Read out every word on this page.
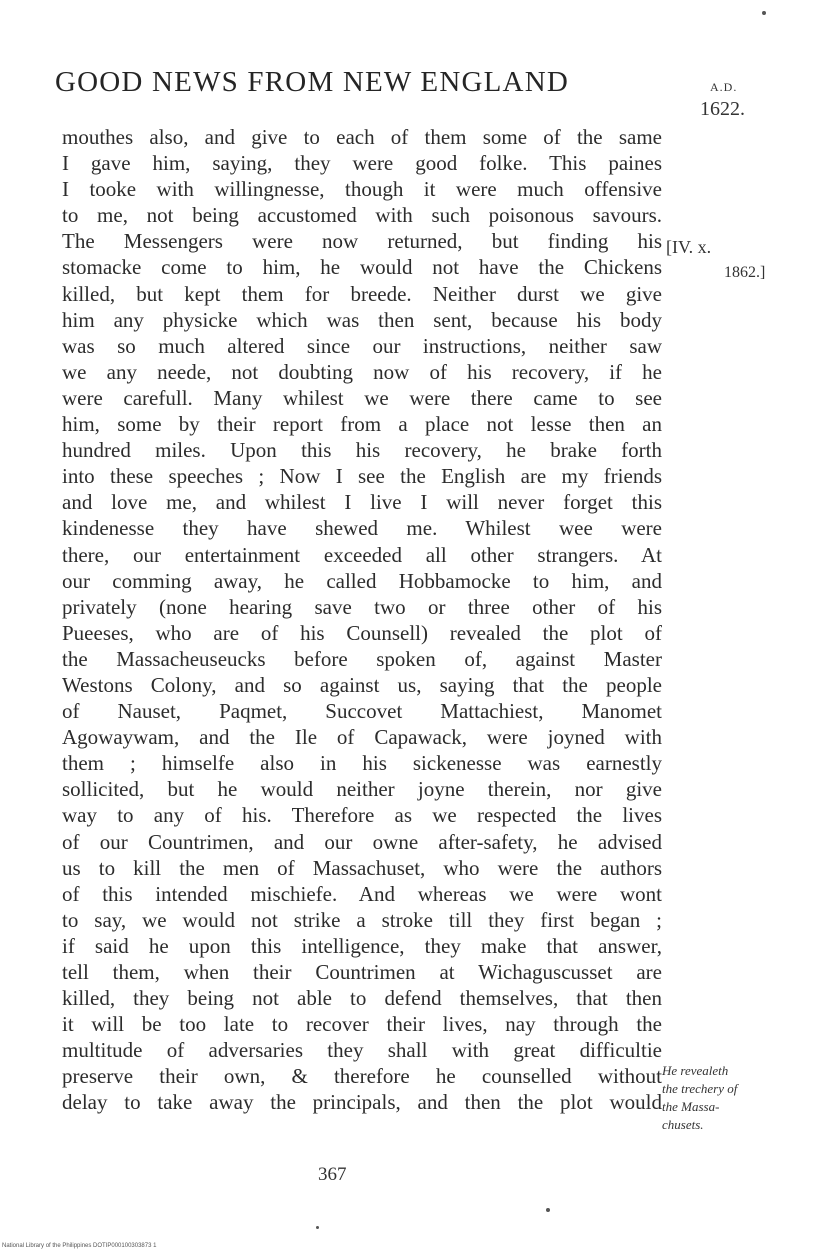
GOOD NEWS FROM NEW ENGLAND	A.D.
1622.
[IV. x.
1862.]
mouthes also, and give to each of them some of the same
I gave him, saying, they were good folke. This paines
I tooke with willingnesse, though it were much offensive
to me, not being accustomed with such poisonous savours.
The Messengers were now returned, but finding his
stomacke come to him, he would not have the Chickens
killed, but kept them for breede. Neither durst we give
him any physicke which was then sent, because his body
was so much altered since our instructions, neither saw
we any neede, not doubting now of his recovery, if he
were carefull. Many whilest we were there came to see
him, some by their report from a place not lesse then an
hundred miles. Upon this his recovery, he brake forth
into these speeches ; Now I see the English are my friends
and love me, and whilest I live I will never forget this
kindenesse they have shewed me. Whilest wee were
there, our entertainment exceeded all other strangers. At
our comming away, he called Hobbamocke to him, and
privately (none hearing save two or three other of his
Pueeses, who are of his Counsell) revealed the plot of
the Massacheuseucks before spoken of, against Master
Westons Colony, and so against us, saying that the people
of Nauset, Paqmet, Succovet Mattachiest, Manomet
Agowaywam, and the Ile of Capawack, were joyned with
them ; himselfe also in his sickenesse was earnestly
sollicited, but he would neither joyne therein, nor give
way to any of his. Therefore as we respected the lives
of our Countrimen, and our owne after-safety, he advised
us to kill the men of Massachuset, who were the authors
of this intended mischiefe. And whereas we were wont
to say, we would not strike a stroke till they first began ;
if said he upon this intelligence, they make that answer,
tell them, when their Countrimen at Wichaguscusset are
killed, they being not able to defend themselves, that then
it will be too late to recover their lives, nay through the
multitude of adversaries they shall with great difficultie
preserve their own, & therefore he counselled without
delay to take away the principals, and then the plot would
He revealeth
the trechery of
the Massa-
chusets.
367
National Library of the Philippines DOTIP000100303873 1
